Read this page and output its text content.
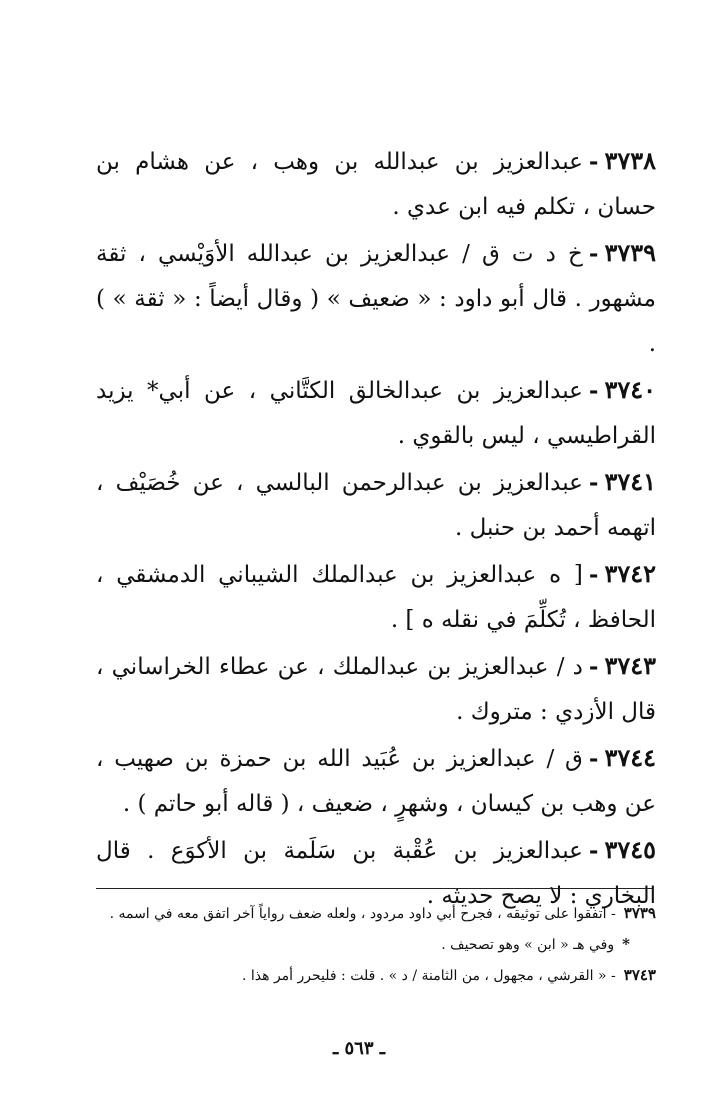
٣٧٣٨-عبدالعزيز بن عبدالله بن وهب ، عن هشام بن حسان ، تكلم فيه ابن عدي .

٣٧٣٩-خ د ت ق / عبدالعزيز بن عبدالله الأوَيْسي ، ثقة مشهور . قال أبو داود : « ضعيف » ( وقال أيضاً : « ثقة » ) .

٣٧٤٠-عبدالعزيز بن عبدالخالق الكتَّاني ، عن أبي* يزيد القراطيسي ، ليس بالقوي .

٣٧٤١-عبدالعزيز بن عبدالرحمن البالسي ، عن خُصَيْف ، اتهمه أحمد بن حنبل .

٣٧٤٢-[ ه عبدالعزيز بن عبدالملك الشيباني الدمشقي ، الحافظ ، تُكلِّمَ في نقله ه ] .

٣٧٤٣-د / عبدالعزيز بن عبدالملك ، عن عطاء الخراساني ، قال الأزدي : متروك .

٣٧٤٤-ق / عبدالعزيز بن عُبَيد الله بن حمزة بن صهيب ، عن وهب بن كيسان ، وشهرٍ ، ضعيف ، ( قاله أبو حاتم ) .

٣٧٤٥-عبدالعزيز بن عُقْبة بن سَلَمة بن الأكوَع . قال البخاري : لا يصح حديثه .

٣٧٣٩- اتفقوا على توثيقه ، فجرح أبي داود مردود ، ولعله ضعف رواياً آخر اتفق معه في اسمه .

*وفي هـ « ابن » وهو تصحيف .

٣٧٤٣- « القرشي ، مجهول ، من الثامنة / د » . قلت : فليحرر أمر هذا .

ـ ٥٦٣ ـ
